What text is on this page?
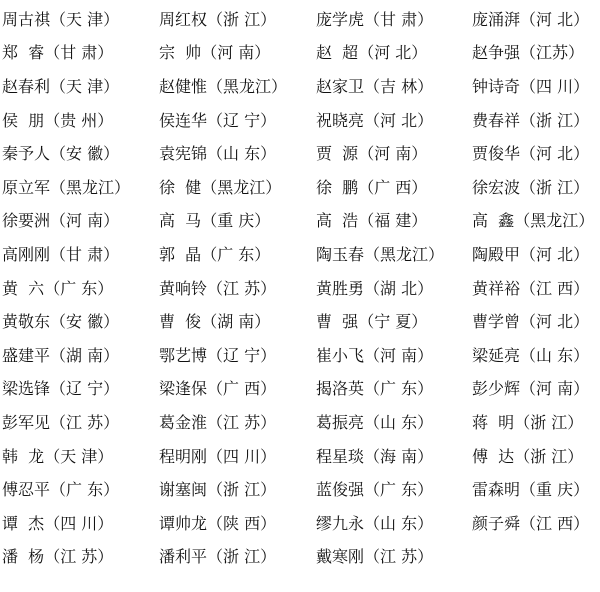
周古祺 （天 津） 周红权 （浙 江） 庞学虎 （甘 肃） 庞涌湃 （河 北）
郑  睿 （甘 肃）	宗  帅 （河 南）	赵  超 （河 北）	赵争强 （江苏）
赵春利 （天 津） 赵健惟 （黑龙江） 赵家卫 （吉 林） 钟诗奇 （四 川）
侯  朋 （贵 州）	侯连华 （辽 宁） 祝晓亮 （河 北） 费春祥 （浙 江）
秦予人 （安 徽） 袁宪锦 （山 东） 贾  源 （河 南）	贾俊华 （河 北）
原立军 （黑龙江） 徐  健 （黑龙江） 徐  鹏 （广 西）	徐宏波 （浙 江）
徐要洲 （河 南） 高  马 （重 庆）	高  浩 （福 建）	高  鑫 （黑龙江）
高刚刚 （甘 肃） 郭  晶 （广 东）	陶玉春 （黑龙江） 陶殿甲 （河 北）
黄  六 （广 东）	黄响铃 （江 苏） 黄胜勇 （湖 北） 黄祥裕 （江 西）
黄敬东 （安 徽） 曹  俊 （湖 南）	曹  强 （宁 夏）	曹学曾 （河 北）
盛建平 （湖 南） 鄂艺博 （辽 宁） 崔小飞 （河 南） 梁延亮 （山 东）
梁选锋 （辽 宁） 梁逢保 （广 西） 揭洛英 （广 东） 彭少辉 （河 南）
彭军见 （江 苏） 葛金淮 （江 苏） 葛振亮 （山 东） 蒋  明 （浙 江）
韩  龙 （天 津）	程明刚 （四 川） 程星琰 （海 南） 傅  达 （浙 江）
傅忍平 （广 东） 谢塞闽 （浙 江） 蓝俊强 （广 东） 雷森明 （重 庆）
谭  杰 （四 川）	谭帅龙 （陕 西） 缪九永 （山 东） 颜子舜 （江 西）
潘  杨 （江 苏）	潘利平 （浙 江） 戴寒刚 （江 苏）
